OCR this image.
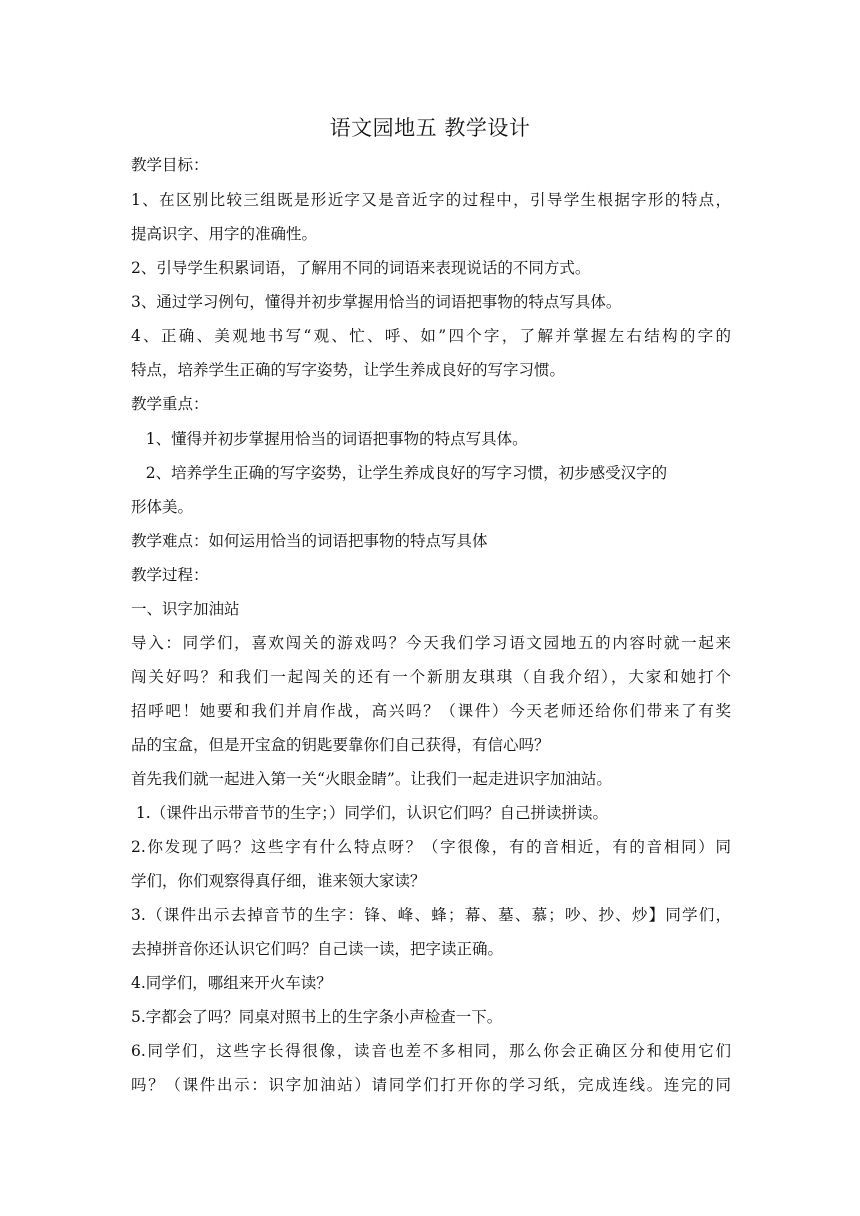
语文园地五 教学设计
教学目标：
1、在区别比较三组既是形近字又是音近字的过程中，引导学生根据字形的特点，
提高识字、用字的准确性。
2、引导学生积累词语，了解用不同的词语来表现说话的不同方式。
3、通过学习例句，懂得并初步掌握用恰当的词语把事物的特点写具体。
4、正确、美观地书写“观、忙、呼、如”四个字，了解并掌握左右结构的字的
特点，培养学生正确的写字姿势，让学生养成良好的写字习惯。
教学重点：
1、懂得并初步掌握用恰当的词语把事物的特点写具体。
2、培养学生正确的写字姿势，让学生养成良好的写字习惯，初步感受汉字的
形体美。
教学难点：如何运用恰当的词语把事物的特点写具体
教学过程：
一、识字加油站
导入：同学们，喜欢闯关的游戏吗？今天我们学习语文园地五的内容时就一起来
闯关好吗？和我们一起闯关的还有一个新朋友琪琪（自我介绍），大家和她打个
招呼吧！她要和我们并肩作战，高兴吗？（课件）今天老师还给你们带来了有奖
品的宝盒，但是开宝盒的钥匙要靠你们自己获得，有信心吗？
首先我们就一起进入第一关“火眼金睛”。让我们一起走进识字加油站。
1.（课件出示带音节的生字；）同学们，认识它们吗？自己拼读拼读。
2.你发现了吗？这些字有什么特点呀？（字很像，有的音相近，有的音相同）同
学们，你们观察得真仔细，谁来领大家读？
3.（课件出示去掉音节的生字：锋、峰、蜂；幕、墓、慕；吵、抄、炒】同学们，
去掉拼音你还认识它们吗？自己读一读，把字读正确。
4.同学们，哪组来开火车读？
5.字都会了吗？同桌对照书上的生字条小声检查一下。
6.同学们，这些字长得很像，读音也差不多相同，那么你会正确区分和使用它们
吗？（课件出示：识字加油站）请同学们打开你的学习纸，完成连线。连完的同
